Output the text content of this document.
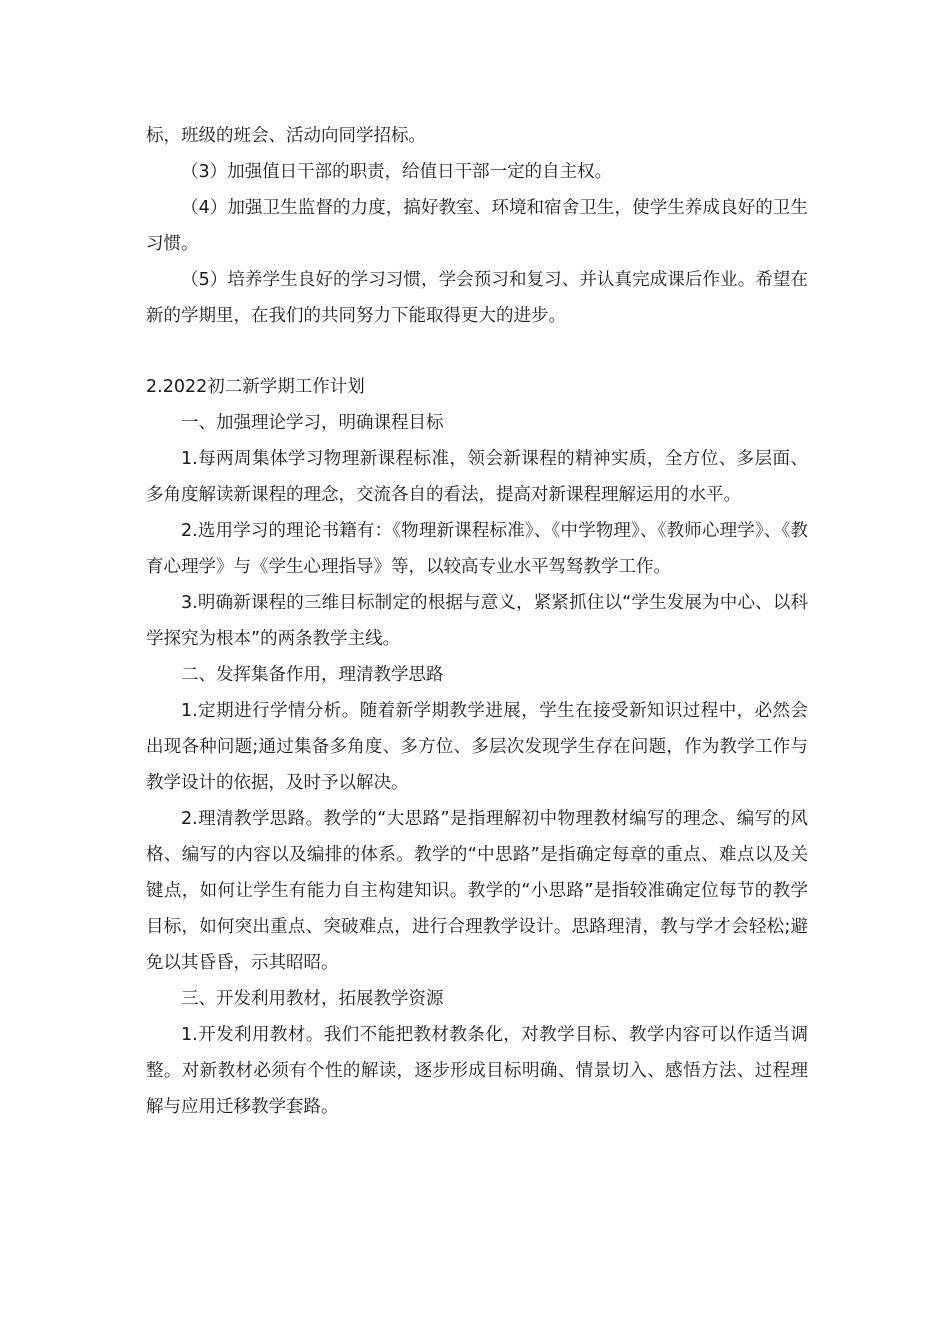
标，班级的班会、活动向同学招标。

（3）加强值日干部的职责，给值日干部一定的自主权。

（4）加强卫生监督的力度，搞好教室、环境和宿舍卫生，使学生养成良好的卫生习惯。

（5）培养学生良好的学习习惯，学会预习和复习、并认真完成课后作业。希望在新的学期里，在我们的共同努力下能取得更大的进步。

2.2022初二新学期工作计划

一、加强理论学习，明确课程目标

1.每两周集体学习物理新课程标准，领会新课程的精神实质，全方位、多层面、多角度解读新课程的理念，交流各自的看法，提高对新课程理解运用的水平。

2.选用学习的理论书籍有：《物理新课程标准》、《中学物理》、《教师心理学》、《教育心理学》与《学生心理指导》等，以较高专业水平驾驽教学工作。

3.明确新课程的三维目标制定的根据与意义，紧紧抓住以“学生发展为中心、以科学探究为根本”的两条教学主线。

二、发挥集备作用，理清教学思路

1.定期进行学情分析。随着新学期教学进展，学生在接受新知识过程中，必然会出现各种问题;通过集备多角度、多方位、多层次发现学生存在问题，作为教学工作与教学设计的依据，及时予以解决。

2.理清教学思路。教学的“大思路”是指理解初中物理教材编写的理念、编写的风格、编写的内容以及编排的体系。教学的“中思路”是指确定每章的重点、难点以及关键点，如何让学生有能力自主构建知识。教学的“小思路”是指较准确定位每节的教学目标，如何突出重点、突破难点，进行合理教学设计。思路理清，教与学才会轻松;避免以其昏昏，示其昭昭。

三、开发利用教材，拓展教学资源

1.开发利用教材。我们不能把教材教条化，对教学目标、教学内容可以作适当调整。对新教材必须有个性的解读，逐步形成目标明确、情景切入、感悟方法、过程理解与应用迁移教学套路。
